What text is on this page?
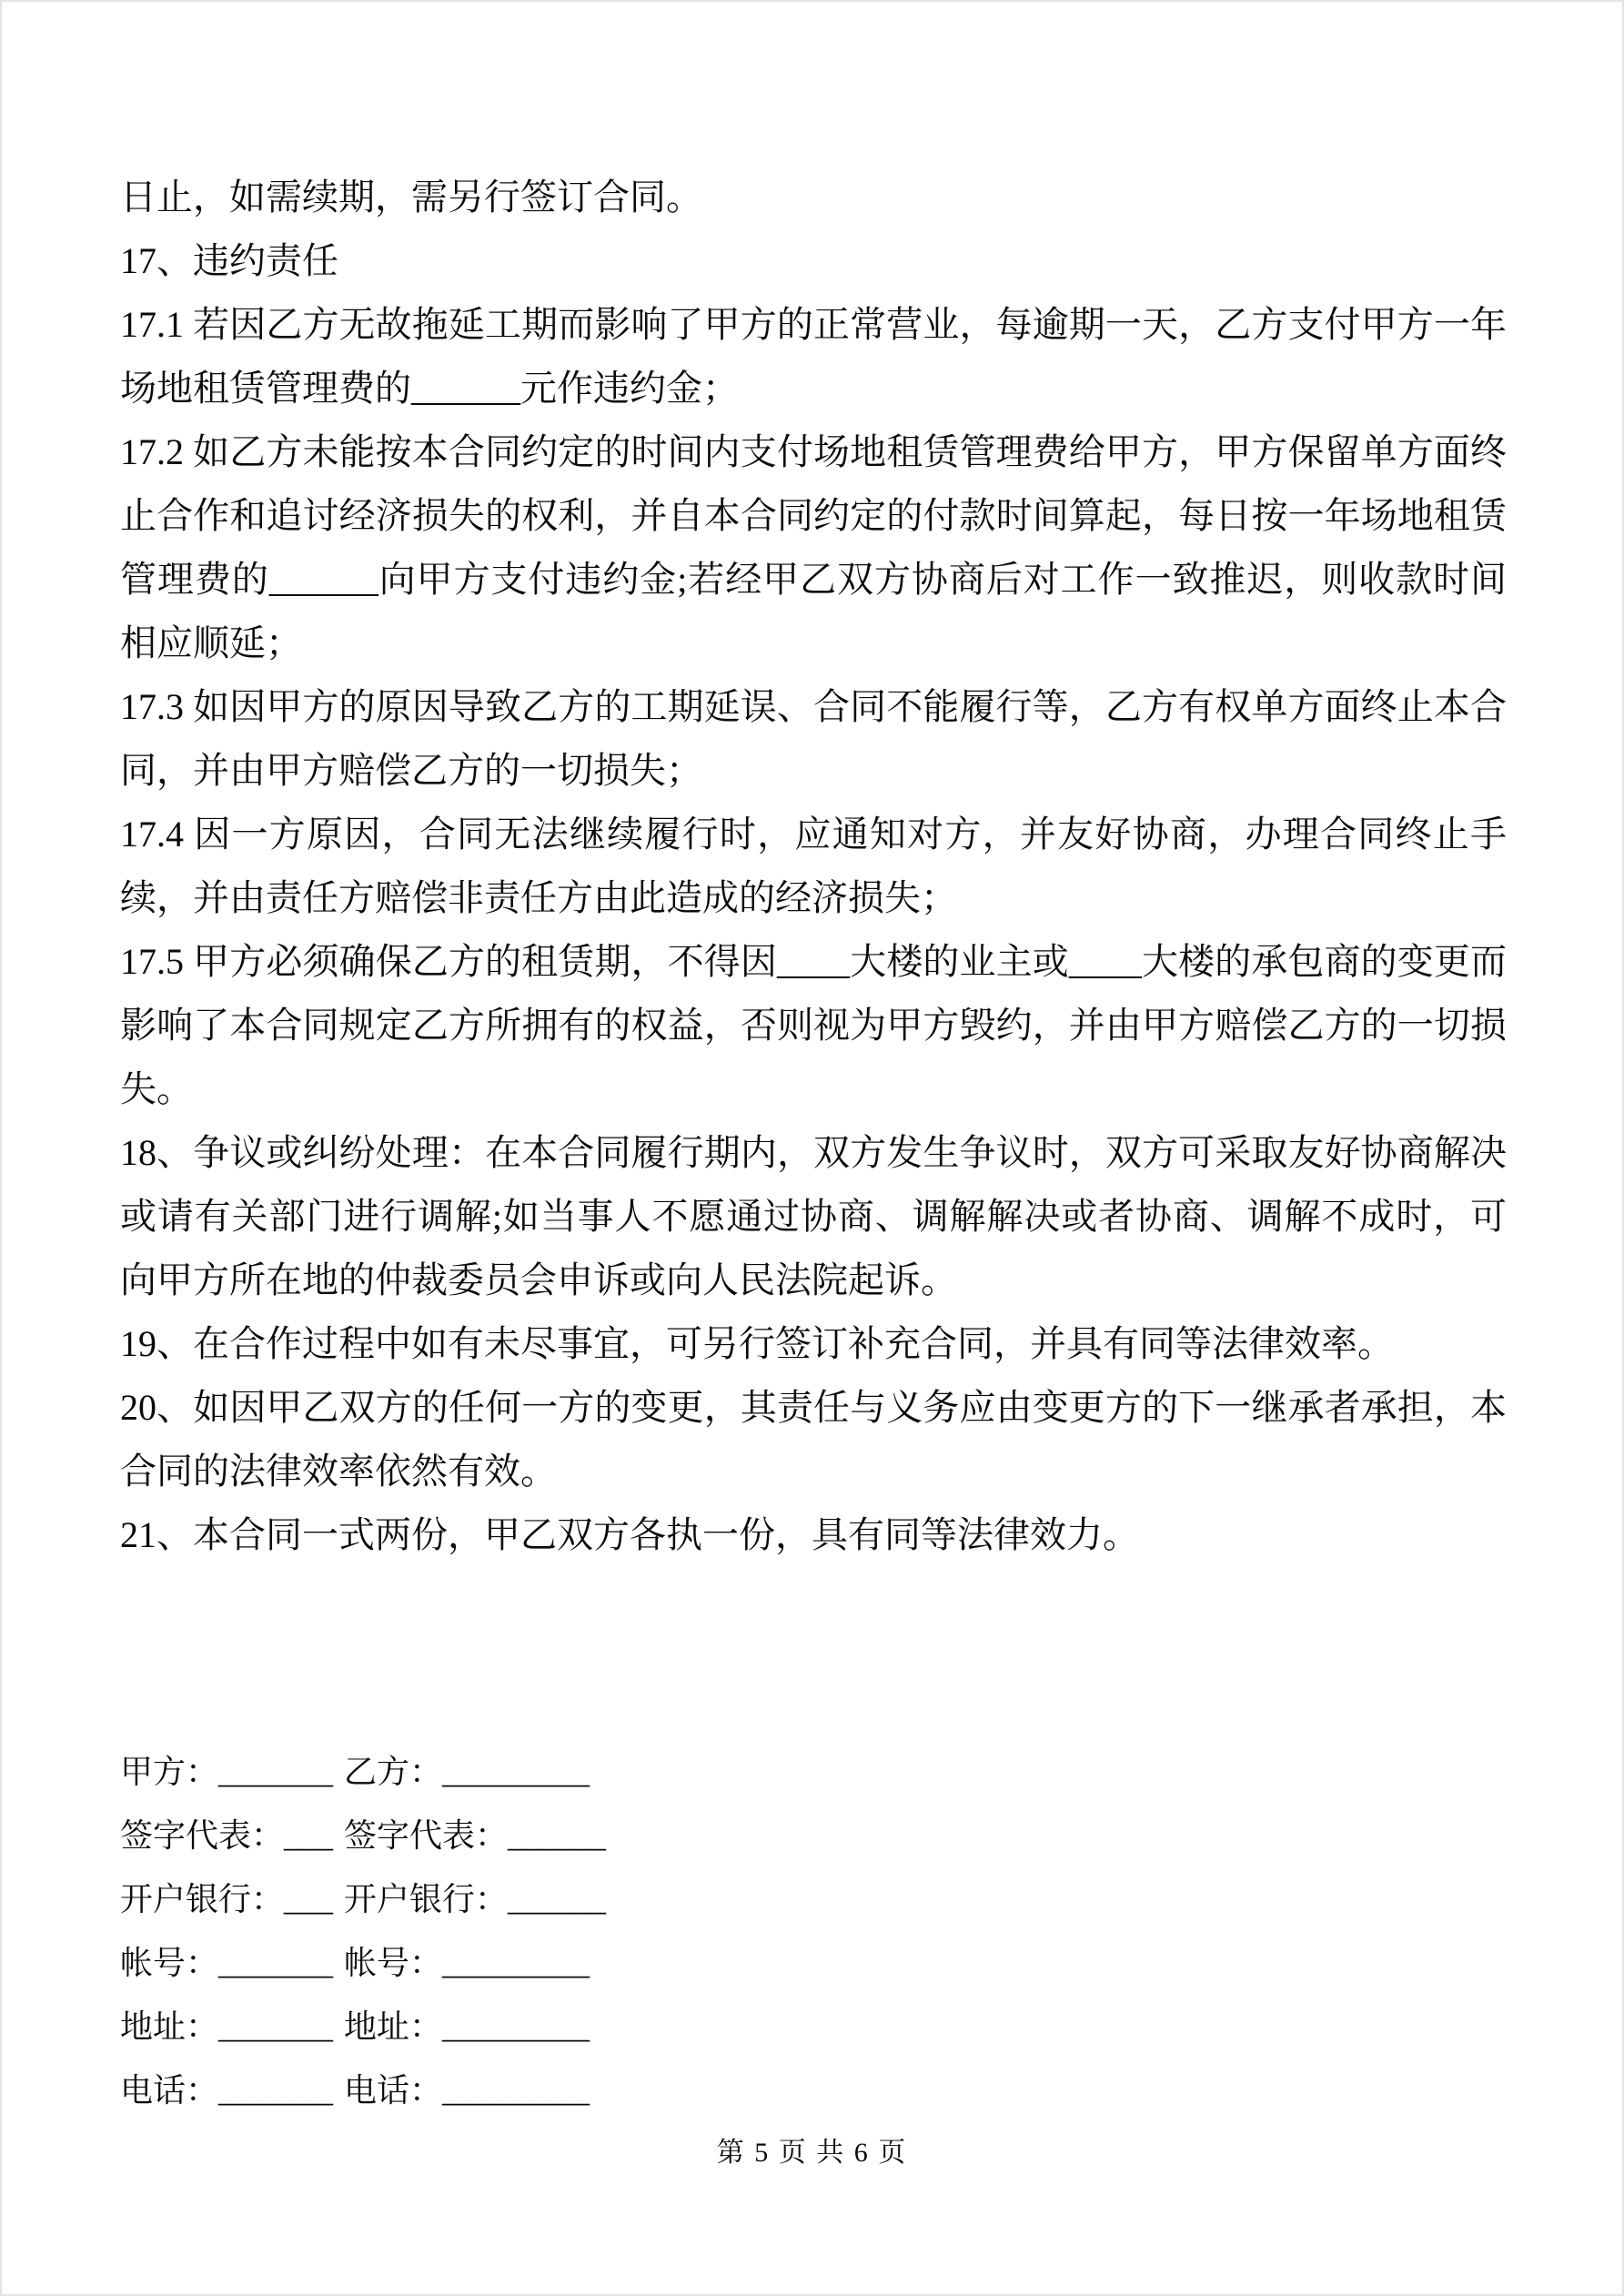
日止，如需续期，需另行签订合同。

17、违约责任

17.1 若因乙方无故拖延工期而影响了甲方的正常营业，每逾期一天，乙方支付甲方一年场地租赁管理费的______元作违约金；

17.2 如乙方未能按本合同约定的时间内支付场地租赁管理费给甲方，甲方保留单方面终止合作和追讨经济损失的权利，并自本合同约定的付款时间算起，每日按一年场地租赁管理费的______向甲方支付违约金;若经甲乙双方协商后对工作一致推迟，则收款时间相应顺延；

17.3 如因甲方的原因导致乙方的工期延误、合同不能履行等，乙方有权单方面终止本合同，并由甲方赔偿乙方的一切损失；

17.4 因一方原因，合同无法继续履行时，应通知对方，并友好协商，办理合同终止手续，并由责任方赔偿非责任方由此造成的经济损失；

17.5 甲方必须确保乙方的租赁期，不得因____大楼的业主或____大楼的承包商的变更而影响了本合同规定乙方所拥有的权益，否则视为甲方毁约，并由甲方赔偿乙方的一切损失。

18、争议或纠纷处理：在本合同履行期内，双方发生争议时，双方可采取友好协商解决或请有关部门进行调解;如当事人不愿通过协商、调解解决或者协商、调解不成时，可向甲方所在地的仲裁委员会申诉或向人民法院起诉。

19、在合作过程中如有未尽事宜，可另行签订补充合同，并具有同等法律效率。

20、如因甲乙双方的任何一方的变更，其责任与义务应由变更方的下一继承者承担，本合同的法律效率依然有效。

21、本合同一式两份，甲乙双方各执一份，具有同等法律效力。

甲方：_______ 乙方：_________
签字代表：___ 签字代表：______
开户银行：___ 开户银行：______
帐号：_______ 帐号：_________
地址：_______ 地址：_________
电话：_______ 电话：_________
第 5 页 共 6 页
